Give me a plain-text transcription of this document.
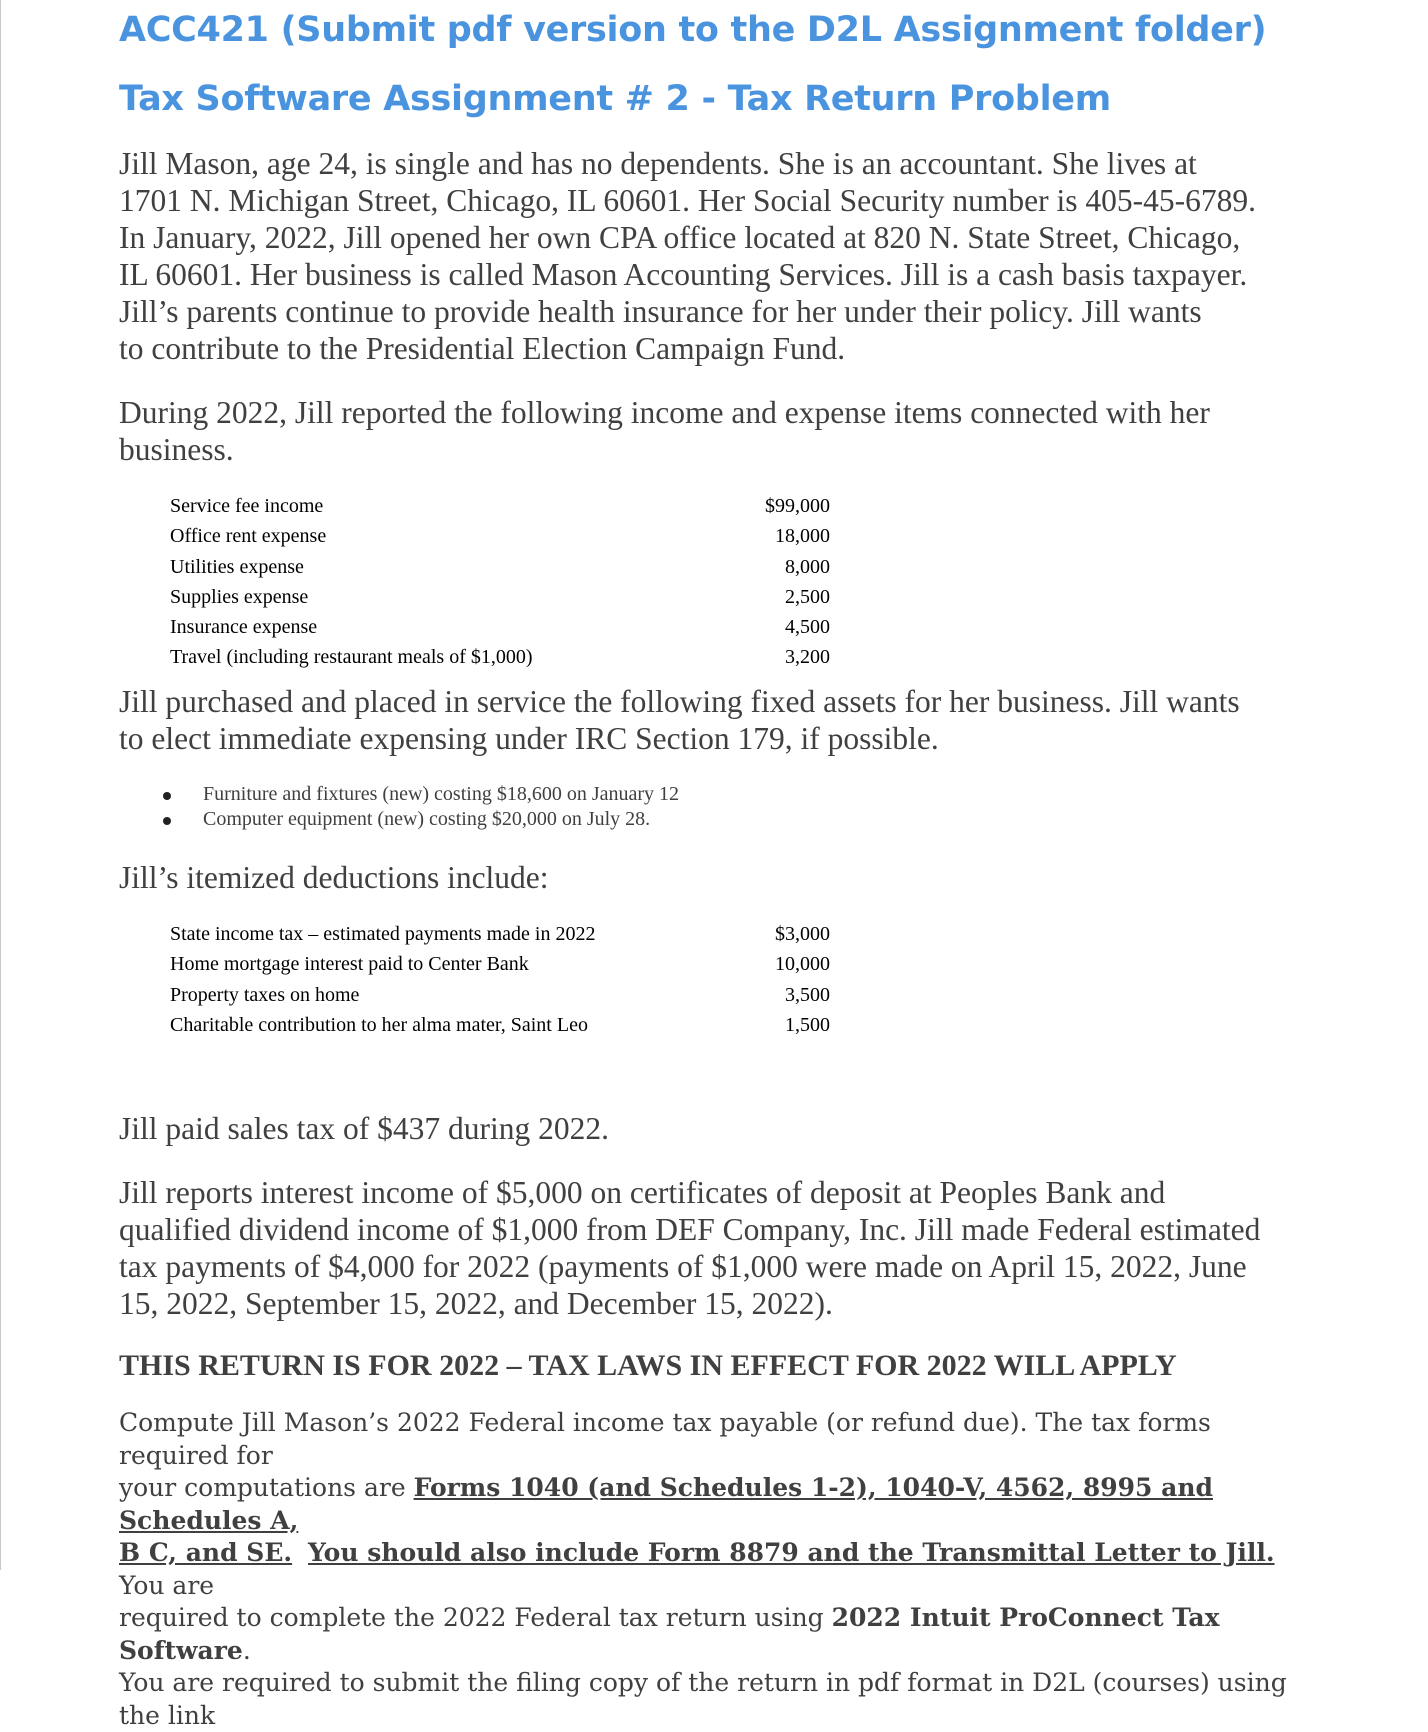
ACC421 (Submit pdf version to the D2L Assignment folder)
Tax Software Assignment # 2 - Tax Return Problem

Jill Mason, age 24, is single and has no dependents. She is an accountant. She lives at
1701 N. Michigan Street, Chicago, IL 60601. Her Social Security number is 405-45-6789.
In January, 2022, Jill opened her own CPA office located at 820 N. State Street, Chicago,
IL 60601. Her business is called Mason Accounting Services. Jill is a cash basis taxpayer.
Jill’s parents continue to provide health insurance for her under their policy. Jill wants
to contribute to the Presidential Election Campaign Fund.

During 2022, Jill reported the following income and expense items connected with her
business.

Service fee income	$99,000
Office rent expense	18,000
Utilities expense	8,000
Supplies expense	2,500
Insurance expense	4,500
Travel (including restaurant meals of $1,000)	3,200

Jill purchased and placed in service the following fixed assets for her business. Jill wants
to elect immediate expensing under IRC Section 179, if possible.

Furniture and fixtures (new) costing $18,600 on January 12
Computer equipment (new) costing $20,000 on July 28.

Jill’s itemized deductions include:

State income tax – estimated payments made in 2022	$3,000
Home mortgage interest paid to Center Bank	10,000
Property taxes on home	3,500
Charitable contribution to her alma mater, Saint Leo	1,500

Jill paid sales tax of $437 during 2022.

Jill reports interest income of $5,000 on certificates of deposit at Peoples Bank and
qualified dividend income of $1,000 from DEF Company, Inc. Jill made Federal estimated
tax payments of $4,000 for 2022 (payments of $1,000 were made on April 15, 2022, June
15, 2022, September 15, 2022, and December 15, 2022).

THIS RETURN IS FOR 2022 – TAX LAWS IN EFFECT FOR 2022 WILL APPLY

Compute Jill Mason’s 2022 Federal income tax payable (or refund due). The tax forms required for
your computations are Forms 1040 (and Schedules 1-2), 1040-V, 4562, 8995 and Schedules A,
B C, and SE. You should also include Form 8879 and the Transmittal Letter to Jill. You are
required to complete the 2022 Federal tax return using 2022 Intuit ProConnect Tax Software.
You are required to submit the filing copy of the return in pdf format in D2L (courses) using the link
